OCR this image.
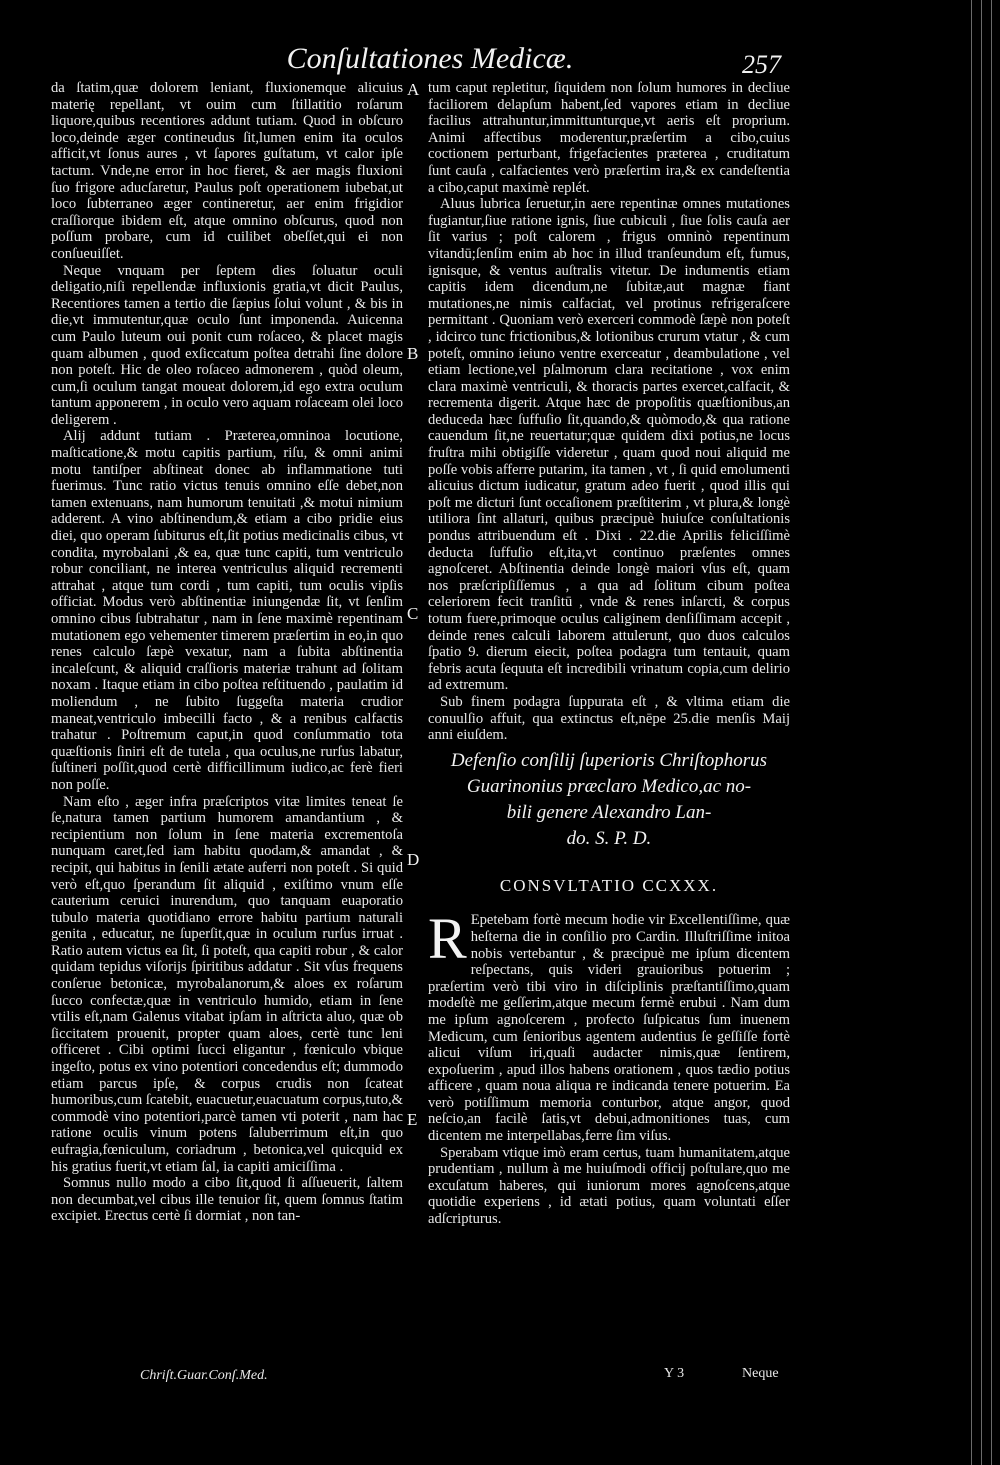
Conſultationes Medicæ.	257
A
B
C
D
E

da ſtatim,quæ dolorem leniant, fluxionemque alicuius materię repellant, vt ouim cum ſtillatitio roſarum liquore,quibus recentiores addunt tutiam. Quod in obſcuro loco,deinde æger contineudus ſit,lumen enim ita oculos afficit,vt ſonus aures , vt ſapores guſtatum, vt calor ipſe tactum. Vnde,ne error in hoc fieret, & aer magis fluxioni ſuo frigore aducſaretur, Paulus poſt operationem iubebat,ut loco ſubterraneo æger contineretur, aer enim frigidior craſſiorque ibidem eſt, atque omnino obſcurus, quod non poſſum probare, cum id cuilibet obeſſet,qui ei non conſueuiſſet.

Neque vnquam per ſeptem dies ſoluatur oculi deligatio,niſi repellendæ influxionis gratia,vt dicit Paulus, Recentiores tamen a tertio die ſæpius ſolui volunt , & bis in die,vt immutentur,quæ oculo ſunt imponenda. Auicenna cum Paulo luteum oui ponit cum roſaceo, & placet magis quam albumen , quod exſiccatum poſtea detrahi ſine dolore non poteſt. Hic de oleo roſaceo admonerem , quòd oleum, cum,ſi oculum tangat moueat dolorem,id ego extra oculum tantum apponerem , in oculo vero aquam roſaceam olei loco deligerem .

Alij addunt tutiam . Præterea,omninoa locutione, maſticatione,& motu capitis partium, riſu, & omni animi motu tantiſper abſtineat donec ab inflammatione tuti fuerimus. Tunc ratio victus tenuis omnino eſſe debet,non tamen extenuans, nam humorum tenuitati ,& motui nimium adderent. A vino abſtinendum,& etiam a cibo pridie eius diei, quo operam ſubiturus eſt,ſit potius medicinalis cibus, vt condita, myrobalani ,& ea, quæ tunc capiti, tum ventriculo robur conciliant, ne interea ventriculus aliquid recrementi attrahat , atque tum cordi , tum capiti, tum oculis vipſis officiat. Modus verò abſtinentiæ iniungendæ ſit, vt ſenſim omnino cibus ſubtrahatur , nam in ſene maximè repentinam mutationem ego vehementer timerem præſertim in eo,in quo renes calculo ſæpè vexatur, nam a ſubita abſtinentia incaleſcunt, & aliquid craſſioris materiæ trahunt ad ſolitam noxam . Itaque etiam in cibo poſtea reſtituendo , paulatim id moliendum , ne ſubito ſuggeſta materia crudior maneat,ventriculo imbecilli facto , & a renibus calfactis trahatur . Poſtremum caput,in quod conſummatio tota quæſtionis ſiniri eſt de tutela , qua oculus,ne rurſus labatur, ſuſtineri poſſit,quod certè difficillimum iudico,ac ferè fieri non poſſe.

Nam eſto , æger infra præſcriptos vitæ limites teneat ſe ſe,natura tamen partium humorem amandantium , & recipientium non ſolum in ſene materia excrementoſa nunquam caret,ſed iam habitu quodam,& amandat , & recipit, qui habitus in ſenili ætate auferri non poteſt . Si quid verò eſt,quo ſperandum ſit aliquid , exiſtimo vnum eſſe cauterium ceruici inurendum, quo tanquam euaporatio tubulo materia quotidiano errore habitu partium naturali genita , educatur, ne ſuperſit,quæ in oculum rurſus irruat . Ratio autem victus ea ſit, ſi poteſt, qua capiti robur , & calor quidam tepidus viſorijs ſpiritibus addatur . Sit vſus frequens conſerue betonicæ, myrobalanorum,& aloes ex roſarum ſucco confectæ,quæ in ventriculo humido, etiam in ſene vtilis eſt,nam Galenus vitabat ipſam in aſtricta aluo, quæ ob ſiccitatem prouenit, propter quam aloes, certè tunc leni officeret . Cibi optimi ſucci eligantur , fœniculo vbique ingeſto, potus ex vino potentiori concedendus eſt; dummodo etiam parcus ipſe, & corpus crudis non ſcateat humoribus,cum ſcatebit, euacuetur,euacuatum corpus,tuto,& commodè vino potentiori,parcè tamen vti poterit , nam hac ratione oculis vinum potens ſaluberrimum eſt,in quo eufragia,fœniculum, coriadrum , betonica,vel quicquid ex his gratius fuerit,vt etiam ſal, ia capiti amiciſſima .

Somnus nullo modo a cibo ſit,quod ſi aſſueuerit, ſaltem non decumbat,vel cibus ille tenuior ſit, quem ſomnus ſtatim excipiet. Erectus certè ſi dormiat , non tan-

tum caput repletitur, ſiquidem non ſolum humores in decliue faciliorem delapſum habent,ſed vapores etiam in decliue facilius attrahuntur,immittunturque,vt aeris eſt proprium. Animi affectibus moderentur,præſertim a cibo,cuius coctionem perturbant, frigefacientes præterea , cruditatum ſunt cauſa , calfacientes verò præſertim ira,& ex candeſtentia a cibo,caput maximè replét.

Aluus lubrica ſeruetur,in aere repentinæ omnes mutationes fugiantur,ſiue ratione ignis, ſiue cubiculi , ſiue ſolis cauſa aer ſit varius ; poſt calorem , frigus omninò repentinum vitandū;ſenſim enim ab hoc in illud tranſeundum eſt, fumus, ignisque, & ventus auſtralis vitetur. De indumentis etiam capitis idem dicendum,ne ſubitæ,aut magnæ fiant mutationes,ne nimis calfaciat, vel protinus refrigeraſcere permittant . Quoniam verò exerceri commodè ſæpè non poteſt , idcirco tunc frictionibus,& lotionibus crurum vtatur , & cum poteſt, omnino ieiuno ventre exerceatur , deambulatione , vel etiam lectione,vel pſalmorum clara recitatione , vox enim clara maximè ventriculi, & thoracis partes exercet,calfacit, & recrementa digerit. Atque hæc de propoſitis quæſtionibus,an deduceda hæc ſuffuſio ſit,quando,& quòmodo,& qua ratione cauendum ſit,ne reuertatur;quæ quidem dixi potius,ne locus fruſtra mihi obtigiſſe videretur , quam quod noui aliquid me poſſe vobis afferre putarim, ita tamen , vt , ſi quid emolumenti alicuius dictum iudicatur, gratum adeo fuerit , quod illis qui poſt me dicturi ſunt occaſionem præſtiterim , vt plura,& longè utiliora ſint allaturi, quibus præcipuè huiuſce conſultationis pondus attribuendum eſt . Dixi . 22.die Aprilis feliciſſimè deducta ſuffuſio eſt,ita,vt continuo præſentes omnes agnoſceret. Abſtinentia deinde longè maiori vſus eſt, quam nos præſcripſiſſemus , a qua ad ſolitum cibum poſtea celeriorem fecit tranſitū , vnde & renes inſarcti, & corpus totum fuere,primoque oculus caliginem denſiſſimam accepit , deinde renes calculi laborem attulerunt, quo duos calculos ſpatio 9. dierum eiecit, poſtea podagra tum tentauit, quam febris acuta ſequuta eſt incredibili vrinatum copia,cum delirio ad extremum.

Sub finem podagra ſuppurata eſt , & vltima etiam die conuulſio affuit, qua extinctus eſt,nēpe 25.die menſis Maij anni eiuſdem.

Defenſio conſilij ſuperioris Chriſtophorus
Guarinonius præclaro Medico,ac no-
bili genere Alexandro Lan-
do. S. P. D.
CONSVLTATIO CCXXX.
R Epetebam fortè mecum hodie vir Excellentiſſime, quæ heſterna die in conſilio pro Cardin. Illuſtriſſime initoa nobis vertebantur , & præcipuè me ipſum dicentem reſpectans, quis videri grauioribus potuerim ; præſertim verò tibi viro in diſciplinis præſtantiſſimo,quam modeſtè me geſſerim,atque mecum fermè erubui . Nam dum me ipſum agnoſcerem , profecto ſuſpicatus ſum inuenem Medicum, cum ſenioribus agentem audentius ſe geſſiſſe fortè alicui viſum iri,quaſi audacter nimis,quæ ſentirem, expoſuerim , apud illos habens orationem , quos tædio potius afficere , quam noua aliqua re indicanda tenere potuerim. Ea verò potiſſimum memoria conturbor, atque angor, quod neſcio,an facilè ſatis,vt debui,admonitiones tuas, cum dicentem me interpellabas,ferre ſim viſus.

Sperabam vtique imò eram certus, tuam humanitatem,atque prudentiam , nullum à me huiuſmodi officij poſtulare,quo me excuſatum haberes, qui iuniorum mores agnoſcens,atque quotidie experiens , id ætati potius, quam voluntati eſſer adſcripturus.

Chriſt.Guar.Conſ.Med.	Y 3	Neque
